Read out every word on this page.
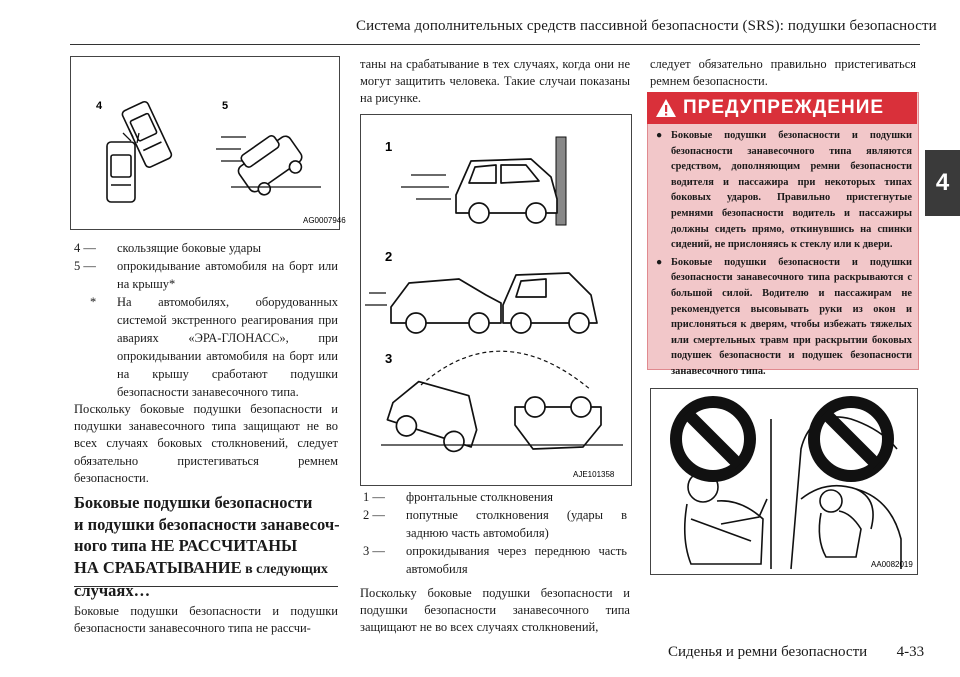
Система дополнительных средств пассивной безопасности (SRS): подушки безопасности
4
4	5
AG0007946
4 —	скользящие боковые удары
5 —	опрокидывание автомобиля на борт или на крышу*
*	На автомобилях, оборудованных системой экстренного реагирования при авариях «ЭРА-ГЛОНАСС», при опрокидывании автомобиля на борт или на крышу сработают подушки безопасности занавесочного типа.
Поскольку боковые подушки безопасности и подушки занавесочного типа защищают не во всех случаях боковых столкновений, следует обязательно пристегиваться ремнем безопасности.
Боковые подушки безопасности
и подушки безопасности занавесоч-
ного типа НЕ РАССЧИТАНЫ
НА СРАБАТЫВАНИЕ в следующих
случаях…
Боковые подушки безопасности и подушки безопасности занавесочного типа не рассчи-
таны на срабатывание в тех случаях, когда они не могут защитить человека. Такие случаи показаны на рисунке.
1
2
3
AJE101358
1 —	фронтальные столкновения
2 —	попутные столкновения (удары в заднюю часть автомобиля)
3 —	опрокидывания через переднюю часть автомобиля
Поскольку боковые подушки безопасности и подушки безопасности занавесочного типа защищают не во всех случаях столкновений,
следует обязательно правильно пристегиваться ремнем безопасности.
ПРЕДУПРЕЖДЕНИЕ
● Боковые подушки безопасности и подушки безопасности занавесочного типа являются средством, дополняющим ремни безопасности водителя и пассажира при некоторых типах боковых ударов. Правильно пристегнутые ремнями безопасности водитель и пассажиры должны сидеть прямо, откинувшись на спинки сидений, не прислоняясь к стеклу или к двери.
● Боковые подушки безопасности и подушки безопасности занавесочного типа раскрываются с большой силой. Водителю и пассажирам не рекомендуется высовывать руки из окон и прислоняться к дверям, чтобы избежать тяжелых или смертельных травм при раскрытии боковых подушек безопасности и подушек безопасности занавесочного типа.
AA0082019
Сиденья и ремни безопасности 4-33
